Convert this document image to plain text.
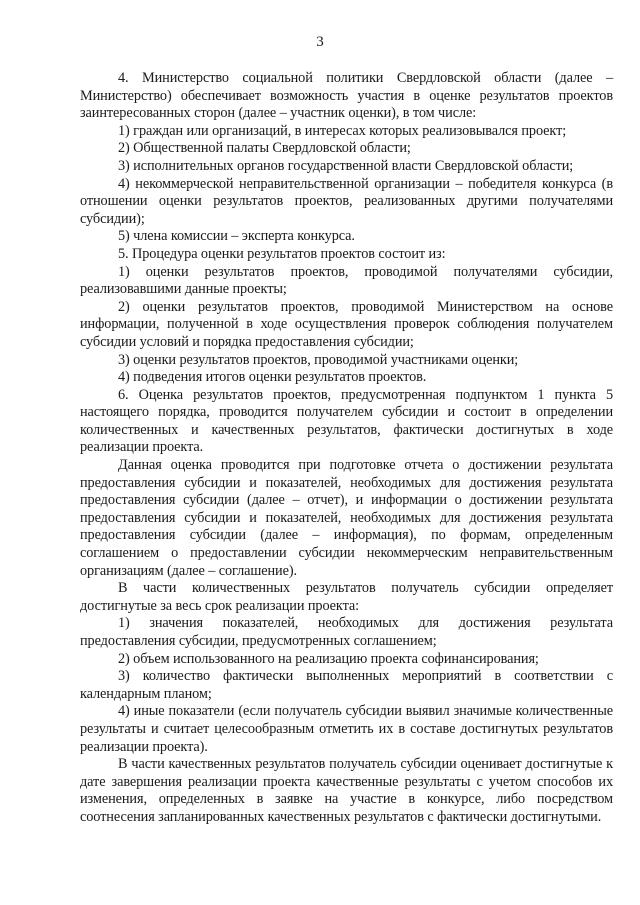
3

4. Министерство социальной политики Свердловской области (далее – Министерство) обеспечивает возможность участия в оценке результатов проектов заинтересованных сторон (далее – участник оценки), в том числе:

1) граждан или организаций, в интересах которых реализовывался проект;

2) Общественной палаты Свердловской области;

3) исполнительных органов государственной власти Свердловской области;

4) некоммерческой неправительственной организации – победителя конкурса (в отношении оценки результатов проектов, реализованных другими получателями субсидии);

5) члена комиссии – эксперта конкурса.

5. Процедура оценки результатов проектов состоит из:

1) оценки результатов проектов, проводимой получателями субсидии, реализовавшими данные проекты;

2) оценки результатов проектов, проводимой Министерством на основе информации, полученной в ходе осуществления проверок соблюдения получателем субсидии условий и порядка предоставления субсидии;

3) оценки результатов проектов, проводимой участниками оценки;

4) подведения итогов оценки результатов проектов.

6. Оценка результатов проектов, предусмотренная подпунктом 1 пункта 5 настоящего порядка, проводится получателем субсидии и состоит в определении количественных и качественных результатов, фактически достигнутых в ходе реализации проекта.

Данная оценка проводится при подготовке отчета о достижении результата предоставления субсидии и показателей, необходимых для достижения результата предоставления субсидии (далее – отчет), и информации о достижении результата предоставления субсидии и показателей, необходимых для достижения результата предоставления субсидии (далее – информация), по формам, определенным соглашением о предоставлении субсидии некоммерческим неправительственным организациям (далее – соглашение).

В части количественных результатов получатель субсидии определяет достигнутые за весь срок реализации проекта:

1) значения показателей, необходимых для достижения результата предоставления субсидии, предусмотренных соглашением;

2) объем использованного на реализацию проекта софинансирования;

3) количество фактически выполненных мероприятий в соответствии с календарным планом;

4) иные показатели (если получатель субсидии выявил значимые количественные результаты и считает целесообразным отметить их в составе достигнутых результатов реализации проекта).

В части качественных результатов получатель субсидии оценивает достигнутые к дате завершения реализации проекта качественные результаты с учетом способов их изменения, определенных в заявке на участие в конкурсе, либо посредством соотнесения запланированных качественных результатов с фактически достигнутыми.
